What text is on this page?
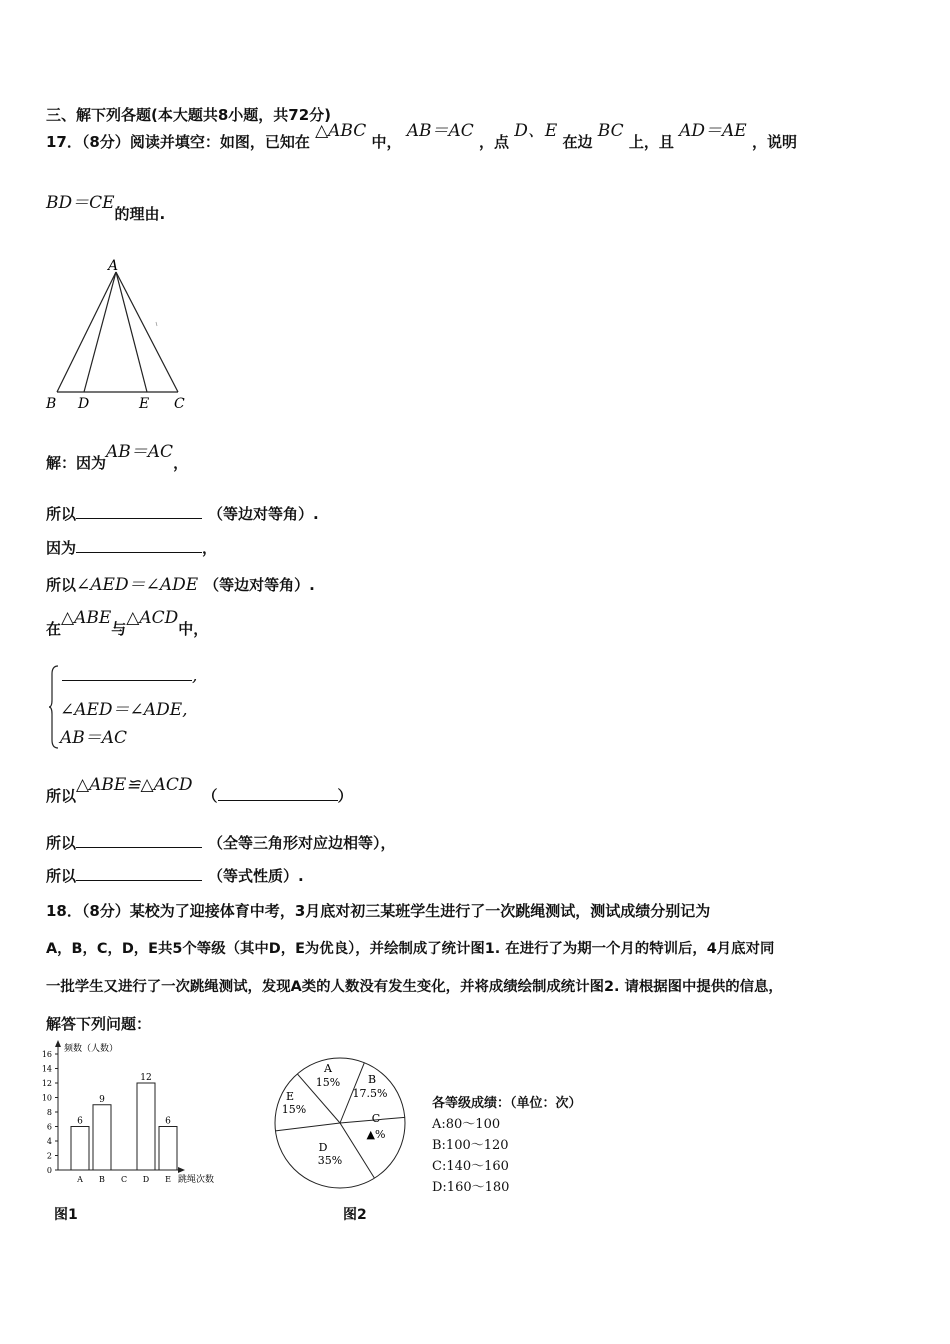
三、解下列各题(本大题共8小题，共72分)
17．（8分）阅读并填空：如图，已知在 △ABC 中， AB＝AC ，点 D、E 在边 BC 上，且 AD＝AE ，说明
BD＝CE的理由.
A
B D	E C
解：因为AB＝AC，
所以	（等边对等角）.
因为	，
所以∠AED＝∠ADE （等边对等角）.
在△ABE与△ACD中，
,
∠AED＝∠ADE,
AB＝AC
所以△ABE≌△ACD（	）
所以	（全等三角形对应边相等），
所以	（等式性质）.
18．（8分）某校为了迎接体育中考，3月底对初三某班学生进行了一次跳绳测试，测试成绩分别记为
A，B，C，D，E共5个等级（其中D，E为优良），并绘制成了统计图1. 在进行了为期一个月的特训后，4月底对同
一批学生又进行了一次跳绳测试，发现A类的人数没有发生变化，并将成绩绘制成统计图2. 请根据图中提供的信息，
解答下列问题：
频数（人数）
跳绳次数
0
2
4
6
8
10
12
14
16
6
A
9
B C
12
D
6
E
图1
A
15%	B
17.5%
C
▲%
D
35%
E
15%
图2
各等级成绩：（单位：次）
A:80～100
B:100～120
C:140～160
D:160～180
